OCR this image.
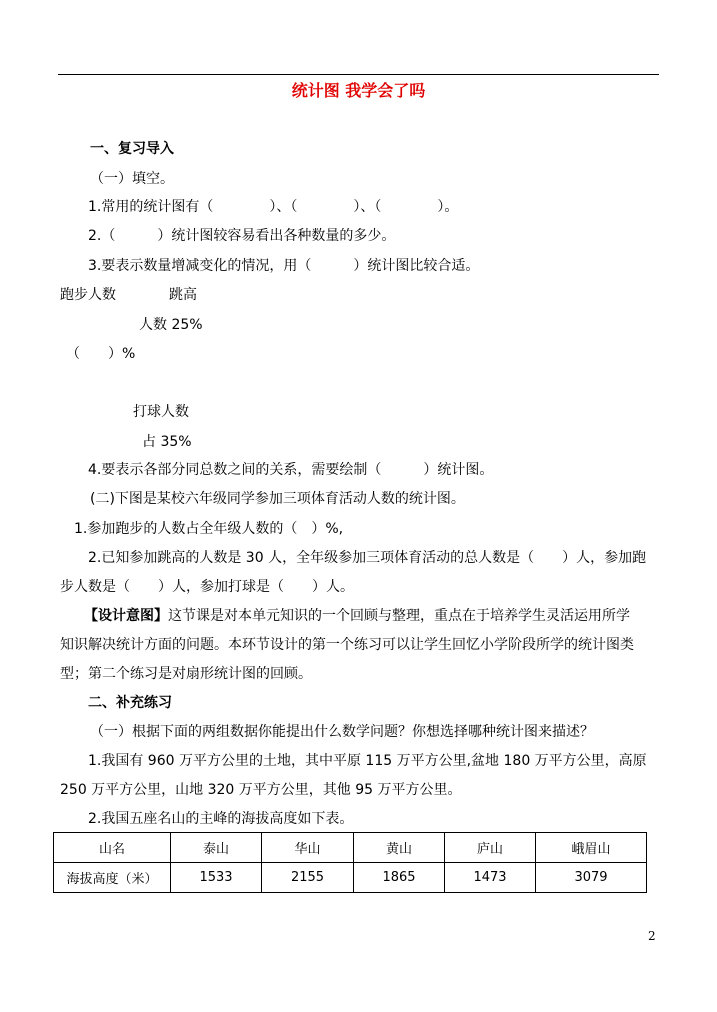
统计图 我学会了吗
一、复习导入
（一）填空。
1.常用的统计图有（　　　　）、（　　　　）、（　　　　）。
2.（　　　）统计图较容易看出各种数量的多少。
3.要表示数量增减变化的情况，用（　　　）统计图比较合适。
跑步人数	跳高
人数 25%
（　　）%
打球人数
占 35%
4.要表示各部分同总数之间的关系，需要绘制（　　　）统计图。
(二)下图是某校六年级同学参加三项体育活动人数的统计图。
1.参加跑步的人数占全年级人数的（　）%,
2.已知参加跳高的人数是 30 人，全年级参加三项体育活动的总人数是（　　）人，参加跑
步人数是（　　）人，参加打球是（　　）人。
【设计意图】这节课是对本单元知识的一个回顾与整理，重点在于培养学生灵活运用所学
知识解决统计方面的问题。本环节设计的第一个练习可以让学生回忆小学阶段所学的统计图类
型；第二个练习是对扇形统计图的回顾。
二、补充练习
（一）根据下面的两组数据你能提出什么数学问题？你想选择哪种统计图来描述？
1.我国有 960 万平方公里的土地，其中平原 115 万平方公里,盆地 180 万平方公里，高原
250 万平方公里，山地 320 万平方公里，其他 95 万平方公里。
2.我国五座名山的主峰的海拔高度如下表。
山名	泰山	华山	黄山	庐山	峨眉山
海拔高度（米）	1533	2155	1865	1473	3079
2
